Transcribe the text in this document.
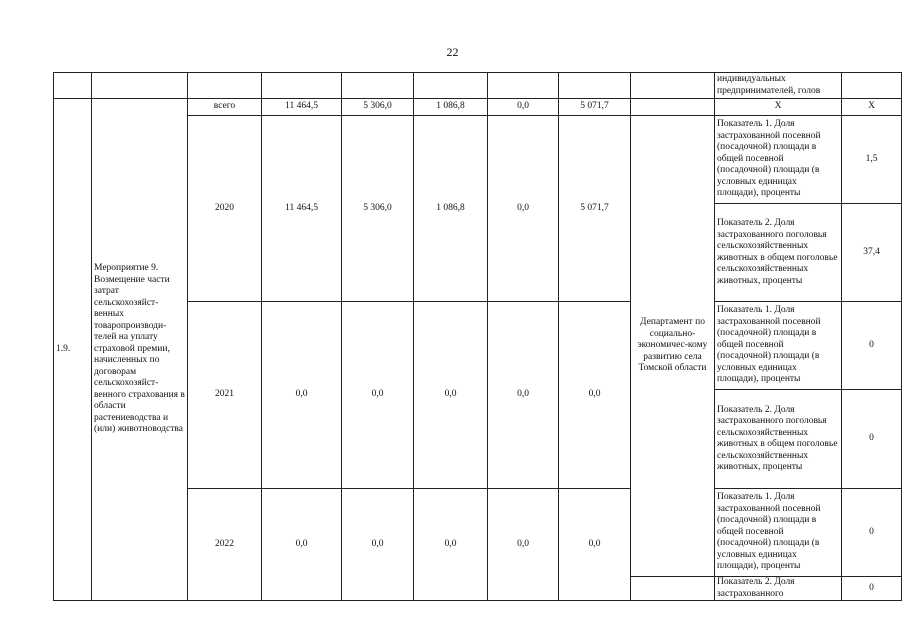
22
									индивидуальных предпринимателей, голов	
1.9.	Мероприятие 9. Возмещение части затрат сельскохозяйст-венных товаропроизводи-телей на уплату страховой премии, начисленных по договорам сельскохозяйст-венного страхования в области растениеводства и (или) животноводства	всего	11 464,5	5 306,0	1 086,8	0,0	5 071,7		X	X
		2020	11 464,5	5 306,0	1 086,8	0,0	5 071,7	Департамент по социально-экономичес-кому развитию села Томской области	Показатель 1. Доля застрахованной посевной (посадочной) площади в общей посевной (посадочной) площади (в условных единицах площади), проценты	1,5
									Показатель 2. Доля застрахованного поголовья сельскохозяйственных животных в общем поголовье сельскохозяйственных животных, проценты	37,4
		2021	0,0	0,0	0,0	0,0	0,0		Показатель 1. Доля застрахованной посевной (посадочной) площади в общей посевной (посадочной) площади (в условных единицах площади), проценты	0
									Показатель 2. Доля застрахованного поголовья сельскохозяйственных животных в общем поголовье сельскохозяйственных животных, проценты	0
		2022	0,0	0,0	0,0	0,0	0,0		Показатель 1. Доля застрахованной посевной (посадочной) площади в общей посевной (посадочной) площади (в условных единицах площади), проценты	0
									Показатель 2. Доля застрахованного	0
